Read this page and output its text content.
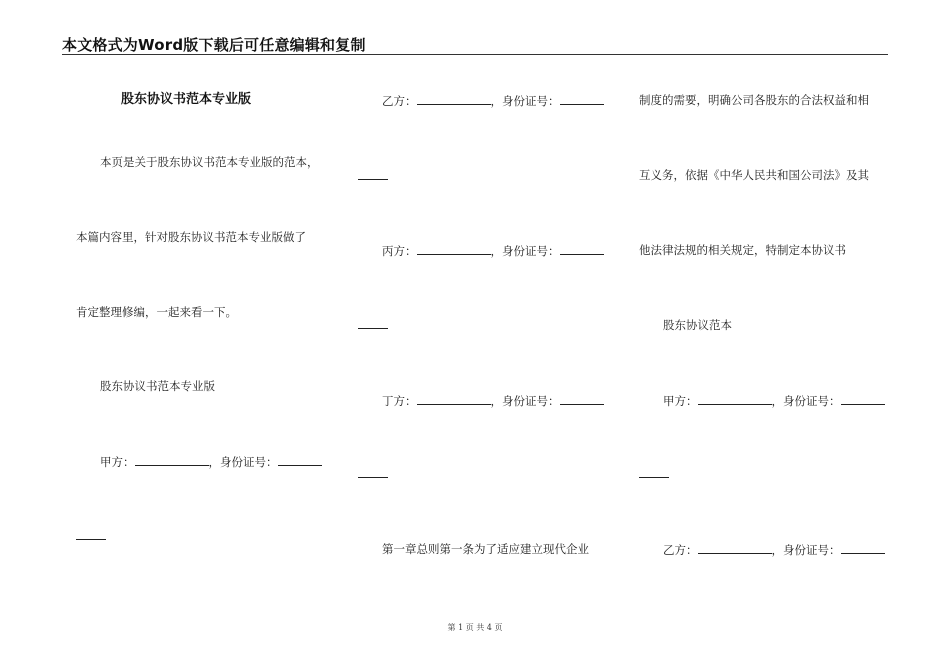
本文格式为Word版下载后可任意编辑和复制
股东协议书范本专业版
本页是关于股东协议书范本专业版的范本，
本篇内容里，针对股东协议书范本专业版做了
肯定整理修编，一起来看一下。
股东协议书范本专业版
甲方：	，身份证号：
乙方：	，身份证号：
丙方：	，身份证号：
丁方：	，身份证号：
第一章总则第一条为了适应建立现代企业
制度的需要，明确公司各股东的合法权益和相
互义务，依据《中华人民共和国公司法》及其
他法律法规的相关规定，特制定本协议书
股东协议范本
甲方：	，身份证号：
乙方：	，身份证号：
第 1 页 共 4 页
